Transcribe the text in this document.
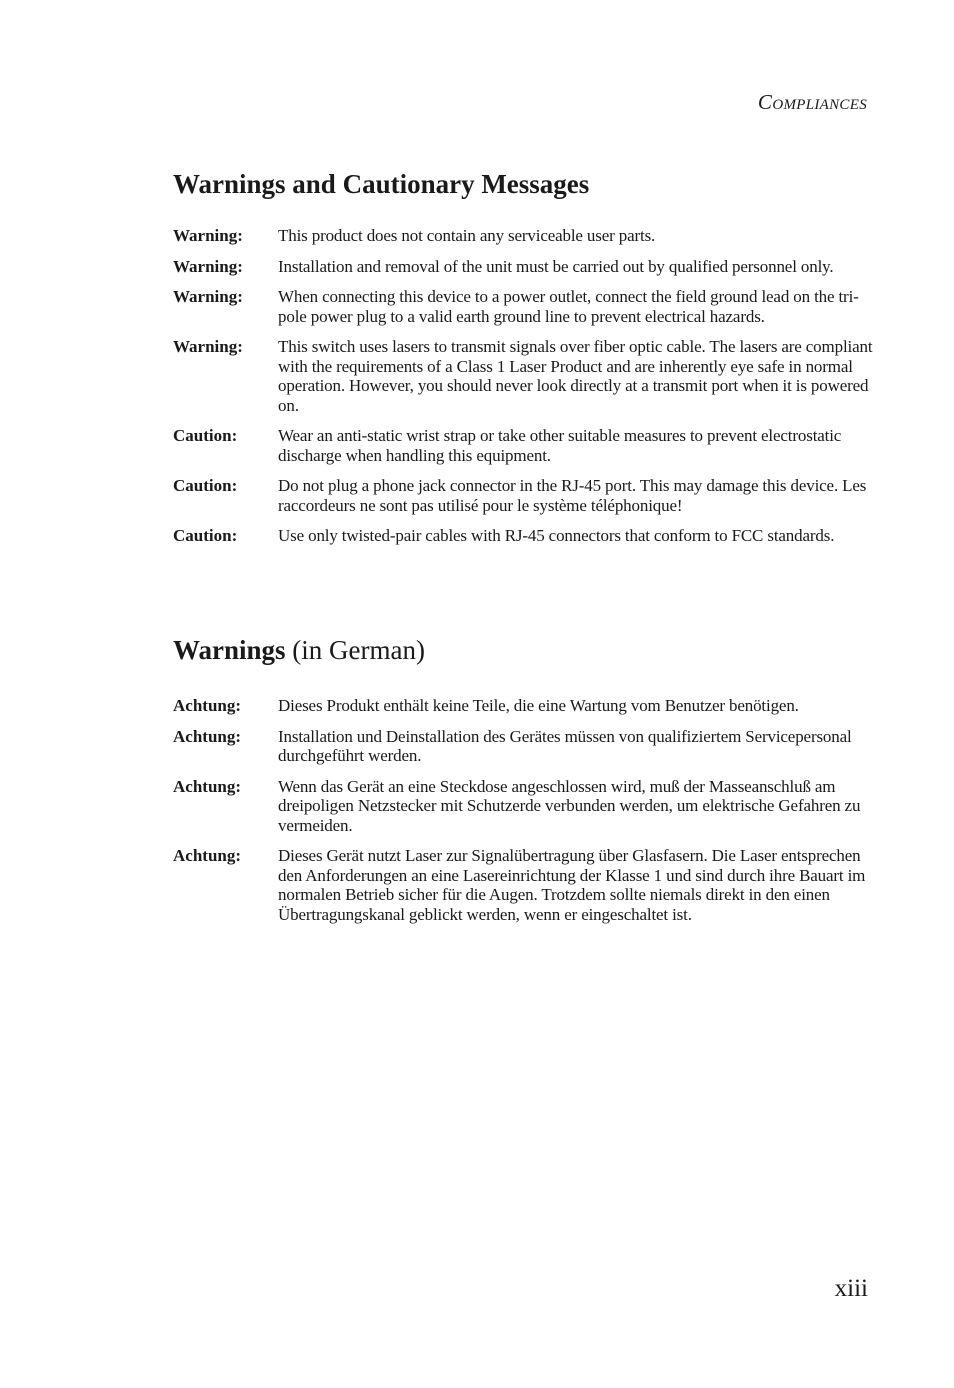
COMPLIANCES
Warnings and Cautionary Messages
Warning:	This product does not contain any serviceable user parts.
Warning:	Installation and removal of the unit must be carried out by qualified personnel only.
Warning:	When connecting this device to a power outlet, connect the field ground lead on the tri-pole power plug to a valid earth ground line to prevent electrical hazards.
Warning:	This switch uses lasers to transmit signals over fiber optic cable. The lasers are compliant with the requirements of a Class 1 Laser Product and are inherently eye safe in normal operation. However, you should never look directly at a transmit port when it is powered on.
Caution:	Wear an anti-static wrist strap or take other suitable measures to prevent electrostatic discharge when handling this equipment.
Caution:	Do not plug a phone jack connector in the RJ-45 port. This may damage this device. Les raccordeurs ne sont pas utilisé pour le système téléphonique!
Caution:	Use only twisted-pair cables with RJ-45 connectors that conform to FCC standards.
Warnings (in German)
Achtung:	Dieses Produkt enthält keine Teile, die eine Wartung vom Benutzer benötigen.
Achtung:	Installation und Deinstallation des Gerätes müssen von qualifiziertem Servicepersonal durchgeführt werden.
Achtung:	Wenn das Gerät an eine Steckdose angeschlossen wird, muß der Masseanschluß am dreipoligen Netzstecker mit Schutzerde verbunden werden, um elektrische Gefahren zu vermeiden.
Achtung:	Dieses Gerät nutzt Laser zur Signalübertragung über Glasfasern. Die Laser entsprechen den Anforderungen an eine Lasereinrichtung der Klasse 1 und sind durch ihre Bauart im normalen Betrieb sicher für die Augen. Trotzdem sollte niemals direkt in den einen Übertragungskanal geblickt werden, wenn er eingeschaltet ist.
xiii
